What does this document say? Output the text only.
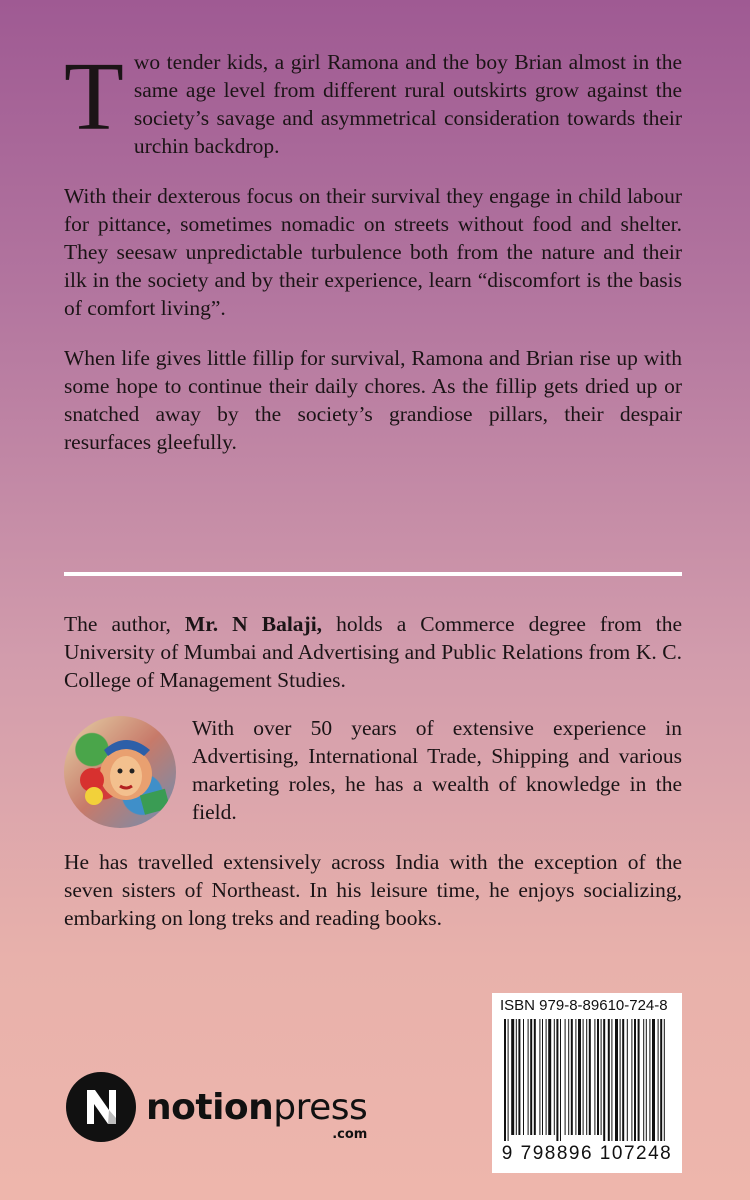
Two tender kids, a girl Ramona and the boy Brian almost in the same age level from different rural outskirts grow against the society’s savage and asymmetrical consideration towards their urchin backdrop.

With their dexterous focus on their survival they engage in child labour for pittance, sometimes nomadic on streets without food and shelter. They seesaw unpredictable turbulence both from the nature and their ilk in the society and by their experience, learn “discomfort is the basis of comfort living”.

When life gives little fillip for survival, Ramona and Brian rise up with some hope to continue their daily chores. As the fillip gets dried up or snatched away by the society’s grandiose pillars, their despair resurfaces gleefully.

The author, Mr. N Balaji, holds a Commerce degree from the University of Mumbai and Advertising and Public Relations from K. C. College of Management Studies.

With over 50 years of extensive experience in Advertising, International Trade, Shipping and various marketing roles, he has a wealth of knowledge in the field.

He has travelled extensively across India with the exception of the seven sisters of Northeast. In his leisure time, he enjoys socializing, embarking on long treks and reading books.

ISBN 979-8-89610-724-8
9 798896 107248
notionpress
.com
